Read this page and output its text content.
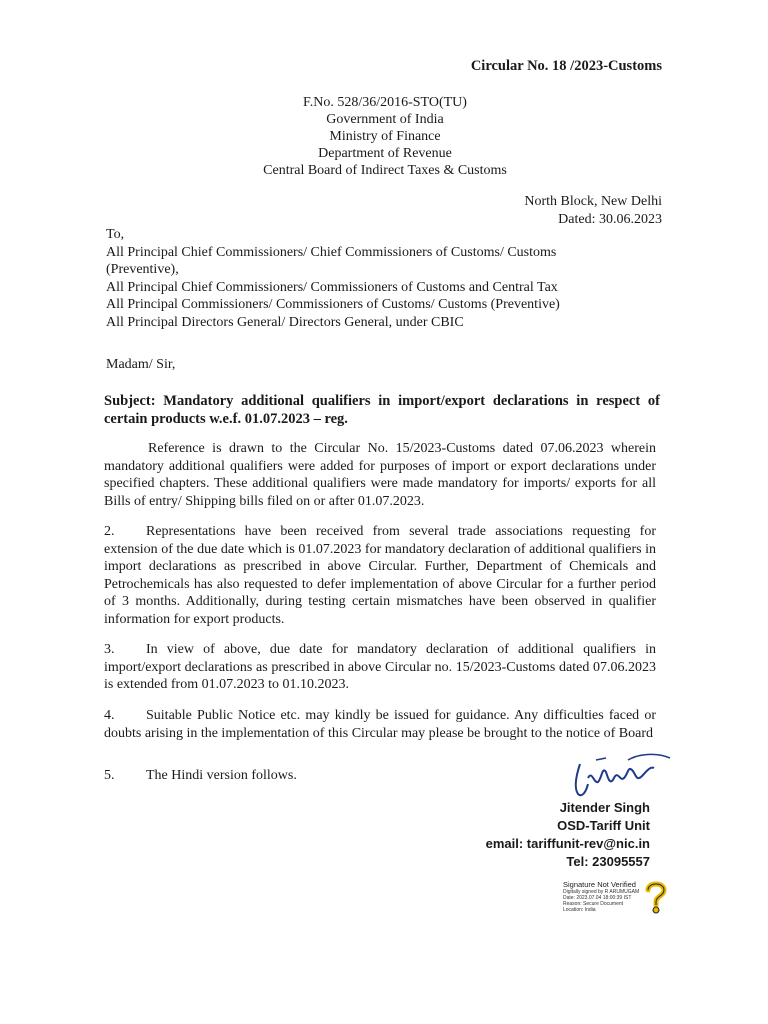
Circular No. 18 /2023-Customs
F.No. 528/36/2016-STO(TU)
Government of India
Ministry of Finance
Department of Revenue
Central Board of Indirect Taxes & Customs
North Block, New Delhi
Dated: 30.06.2023
To,
All Principal Chief Commissioners/ Chief Commissioners of Customs/ Customs
(Preventive),
All Principal Chief Commissioners/ Commissioners of Customs and Central Tax
All Principal Commissioners/ Commissioners of Customs/ Customs (Preventive)
All Principal Directors General/ Directors General, under CBIC
Madam/ Sir,
Subject: Mandatory additional qualifiers in import/export declarations in respect of certain products w.e.f. 01.07.2023 – reg.
Reference is drawn to the Circular No. 15/2023-Customs dated 07.06.2023 wherein mandatory additional qualifiers were added for purposes of import or export declarations under specified chapters. These additional qualifiers were made mandatory for imports/ exports for all Bills of entry/ Shipping bills filed on or after 01.07.2023.
2. Representations have been received from several trade associations requesting for extension of the due date which is 01.07.2023 for mandatory declaration of additional qualifiers in import declarations as prescribed in above Circular. Further, Department of Chemicals and Petrochemicals has also requested to defer implementation of above Circular for a further period of 3 months. Additionally, during testing certain mismatches have been observed in qualifier information for export products.
3. In view of above, due date for mandatory declaration of additional qualifiers in import/export declarations as prescribed in above Circular no. 15/2023-Customs dated 07.06.2023 is extended from 01.07.2023 to 01.10.2023.
4. Suitable Public Notice etc. may kindly be issued for guidance. Any difficulties faced or doubts arising in the implementation of this Circular may please be brought to the notice of Board
5. The Hindi version follows.
Jitender Singh
OSD-Tariff Unit
email: tariffunit-rev@nic.in
Tel: 23095557
Signature Not Verified
Digitally signed by R ARUMUGAM
Date: 2023.07.04 18:00:39 IST
Reason: Secure Document
Location: India
